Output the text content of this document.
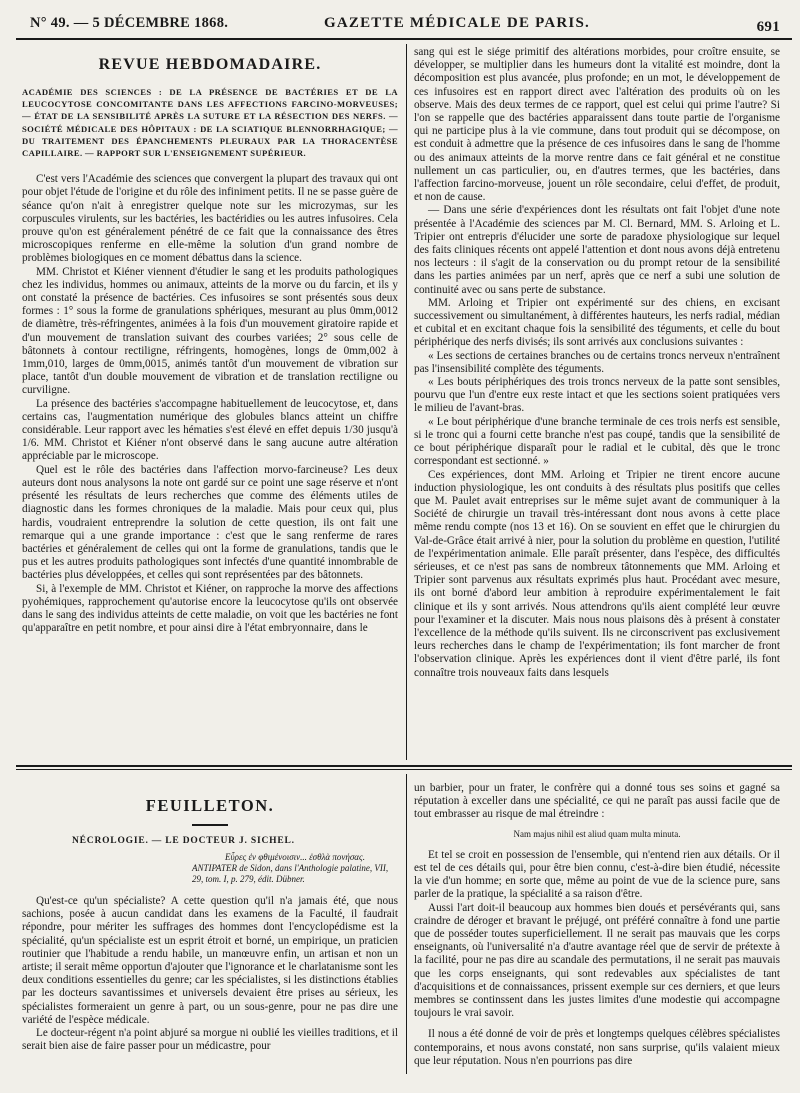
N° 49. — 5 DÉCEMBRE 1868.	GAZETTE MÉDICALE DE PARIS.	691
REVUE HEBDOMADAIRE.
ACADÉMIE DES SCIENCES : DE LA PRÉSENCE DE BACTÉRIES ET DE LA LEUCOCYTOSE CONCOMITANTE DANS LES AFFECTIONS FARCINO-MORVEUSES; — ÉTAT DE LA SENSIBILITÉ APRÈS LA SUTURE ET LA RÉSECTION DES NERFS. — SOCIÉTÉ MÉDICALE DES HÔPITAUX : DE LA SCIATIQUE BLENNORRHAGIQUE; — DU TRAITEMENT DES ÉPANCHEMENTS PLEURAUX PAR LA THORACENTÈSE CAPILLAIRE. — RAPPORT SUR L'ENSEIGNEMENT SUPÉRIEUR.

C'est vers l'Académie des sciences que convergent la plupart des travaux qui ont pour objet l'étude de l'origine et du rôle des infiniment petits. Il ne se passe guère de séance qu'on n'ait à enregistrer quelque note sur les microzymas, sur les corpuscules virulents, sur les bactéries, les bactéridies ou les autres infusoires. Cela prouve qu'on est généralement pénétré de ce fait que la connaissance des êtres microscopiques renferme en elle-même la solution d'un grand nombre de problèmes biologiques en ce moment débattus dans la science.

MM. Christot et Kiéner viennent d'étudier le sang et les produits pathologiques chez les individus, hommes ou animaux, atteints de la morve ou du farcin, et ils y ont constaté la présence de bactéries. Ces infusoires se sont présentés sous deux formes : 1° sous la forme de granulations sphériques, mesurant au plus 0mm,0012 de diamètre, très-réfringentes, animées à la fois d'un mouvement giratoire rapide et d'un mouvement de translation suivant des courbes variées; 2° sous celle de bâtonnets à contour rectiligne, réfringents, homogènes, longs de 0mm,002 à 1mm,010, larges de 0mm,0015, animés tantôt d'un mouvement de vibration sur place, tantôt d'un double mouvement de vibration et de translation rectiligne ou curviligne.

La présence des bactéries s'accompagne habituellement de leucocytose, et, dans certains cas, l'augmentation numérique des globules blancs atteint un chiffre considérable. Leur rapport avec les hématies s'est élevé en effet depuis 1/30 jusqu'à 1/6. MM. Christot et Kiéner n'ont observé dans le sang aucune autre altération appréciable par le microscope.

Quel est le rôle des bactéries dans l'affection morvo-farcineuse? Les deux auteurs dont nous analysons la note ont gardé sur ce point une sage réserve et n'ont présenté les résultats de leurs recherches que comme des éléments utiles de diagnostic dans les formes chroniques de la maladie. Mais pour ceux qui, plus hardis, voudraient entreprendre la solution de cette question, ils ont fait une remarque qui a une grande importance : c'est que le sang renferme de rares bactéries et généralement de celles qui ont la forme de granulations, tandis que le pus et les autres produits pathologiques sont infectés d'une quantité innombrable de bactéries plus développées, et celles qui sont représentées par des bâtonnets.

Si, à l'exemple de MM. Christot et Kiéner, on rapproche la morve des affections pyohémiques, rapprochement qu'autorise encore la leucocytose qu'ils ont observée dans le sang des individus atteints de cette maladie, on voit que les bactéries ne font qu'apparaître en petit nombre, et pour ainsi dire à l'état embryonnaire, dans le

sang qui est le siége primitif des altérations morbides, pour croître ensuite, se développer, se multiplier dans les humeurs dont la vitalité est moindre, dont la décomposition est plus avancée, plus profonde; en un mot, le développement de ces infusoires est en rapport direct avec l'altération des produits où on les observe. Mais des deux termes de ce rapport, quel est celui qui prime l'autre? Si l'on se rappelle que des bactéries apparaissent dans toute partie de l'organisme qui ne participe plus à la vie commune, dans tout produit qui se décompose, on est conduit à admettre que la présence de ces infusoires dans le sang de l'homme ou des animaux atteints de la morve rentre dans ce fait général et ne constitue nullement un cas particulier, ou, en d'autres termes, que les bactéries, dans l'affection farcino-morveuse, jouent un rôle secondaire, celui d'effet, de produit, et non de cause.

— Dans une série d'expériences dont les résultats ont fait l'objet d'une note présentée à l'Académie des sciences par M. Cl. Bernard, MM. S. Arloing et L. Tripier ont entrepris d'élucider une sorte de paradoxe physiologique sur lequel des faits cliniques récents ont appelé l'attention et dont nous avons déjà entretenu nos lecteurs : il s'agit de la conservation ou du prompt retour de la sensibilité dans les parties animées par un nerf, après que ce nerf a subi une solution de continuité avec ou sans perte de substance.

MM. Arloing et Tripier ont expérimenté sur des chiens, en excisant successivement ou simultanément, à différentes hauteurs, les nerfs radial, médian et cubital et en excitant chaque fois la sensibilité des téguments, et celle du bout périphérique des nerfs divisés; ils sont arrivés aux conclusions suivantes :

« Les sections de certaines branches ou de certains troncs nerveux n'entraînent pas l'insensibilité complète des téguments.

« Les bouts périphériques des trois troncs nerveux de la patte sont sensibles, pourvu que l'un d'entre eux reste intact et que les sections soient pratiquées vers le milieu de l'avant-bras.

« Le bout périphérique d'une branche terminale de ces trois nerfs est sensible, si le tronc qui a fourni cette branche n'est pas coupé, tandis que la sensibilité de ce bout périphérique disparaît pour le radial et le cubital, dès que le tronc correspondant est sectionné. »

Ces expériences, dont MM. Arloing et Tripier ne tirent encore aucune induction physiologique, les ont conduits à des résultats plus positifs que celles que M. Paulet avait entreprises sur le même sujet avant de communiquer à la Société de chirurgie un travail très-intéressant dont nous avons à cette place même rendu compte (nos 13 et 16). On se souvient en effet que le chirurgien du Val-de-Grâce était arrivé à nier, pour la solution du problème en question, l'utilité de l'expérimentation animale. Elle paraît présenter, dans l'espèce, des difficultés sérieuses, et ce n'est pas sans de nombreux tâtonnements que MM. Arloing et Tripier sont parvenus aux résultats exprimés plus haut. Procédant avec mesure, ils ont borné d'abord leur ambition à reproduire expérimentalement le fait clinique et ils y sont arrivés. Nous attendrons qu'ils aient complété leur œuvre pour l'examiner et la discuter. Mais nous nous plaisons dès à présent à constater l'excellence de la méthode qu'ils suivent. Ils ne circonscrivent pas exclusivement leurs recherches dans le champ de l'expérimentation; ils font marcher de front l'observation clinique. Après les expériences dont il vient d'être parlé, ils font connaître trois nouveaux faits dans lesquels

FEUILLETON.
NÉCROLOGIE. — LE DOCTEUR J. SICHEL.
Εὗρες ἐν φθιμένοισιν... ἐσθλὰ πονήσας.
ANTIPATER de Sidon, dans l'Anthologie palatine, VII, 29, tom. I, p. 279, édit. Dübner.

Qu'est-ce qu'un spécialiste? A cette question qu'il n'a jamais été, que nous sachions, posée à aucun candidat dans les examens de la Faculté, il faudrait répondre, pour mériter les suffrages des hommes dont l'encyclopédisme est la spécialité, qu'un spécialiste est un esprit étroit et borné, un empirique, un praticien routinier que l'habitude a rendu habile, un manœuvre enfin, un artisan et non un artiste; il serait même opportun d'ajouter que l'ignorance et le charlatanisme sont les deux conditions essentielles du genre; car les spécialistes, si les distinctions établies par les docteurs savantissimes et universels devaient être prises au sérieux, les spécialistes formeraient un genre à part, ou un sous-genre, pour ne pas dire une variété de l'espèce médicale.

Le docteur-régent n'a point abjuré sa morgue ni oublié les vieilles traditions, et il serait bien aise de faire passer pour un médicastre, pour

un barbier, pour un frater, le confrère qui a donné tous ses soins et gagné sa réputation à exceller dans une spécialité, ce qui ne paraît pas aussi facile que de tout embrasser au risque de mal étreindre :

Nam majus nihil est aliud quam multa minuta.

Et tel se croit en possession de l'ensemble, qui n'entend rien aux détails. Or il est tel de ces détails qui, pour être bien connu, c'est-à-dire bien étudié, nécessite la vie d'un homme; en sorte que, même au point de vue de la science pure, sans parler de la pratique, la spécialité a sa raison d'être.

Aussi l'art doit-il beaucoup aux hommes bien doués et persévérants qui, sans craindre de déroger et bravant le préjugé, ont préféré connaître à fond une partie que de posséder toutes superficiellement. Il ne serait pas mauvais que les corps enseignants, où l'universalité n'a d'autre avantage réel que de servir de prétexte à la facilité, pour ne pas dire au scandale des permutations, il ne serait pas mauvais que les corps enseignants, qui sont redevables aux spécialistes de tant d'acquisitions et de connaissances, prissent exemple sur ces derniers, et que leurs membres se continssent dans les justes limites d'une modestie qui accompagne toujours le vrai savoir.

Il nous a été donné de voir de près et longtemps quelques célèbres spécialistes contemporains, et nous avons constaté, non sans surprise, qu'ils valaient mieux que leur réputation. Nous n'en pourrions pas dire
